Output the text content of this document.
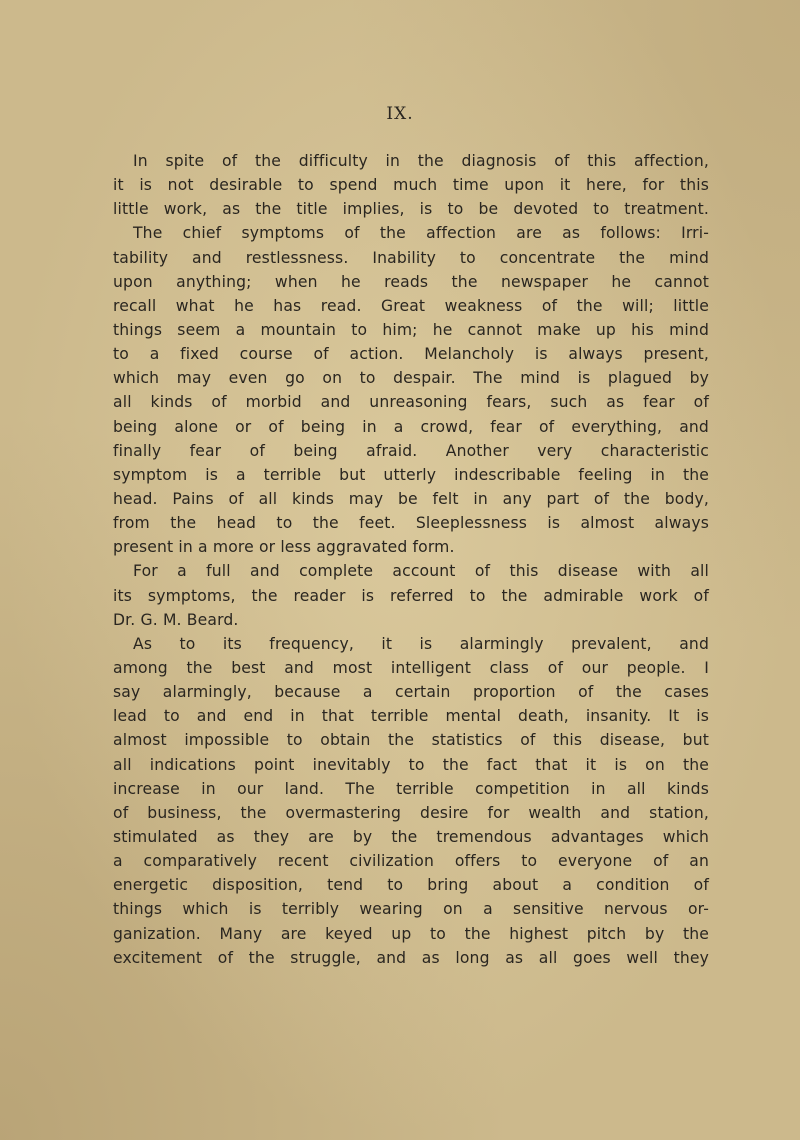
IX.
In spite of the difficulty in the diagnosis of this affection,
it is not desirable to spend much time upon it here, for this
little work, as the title implies, is to be devoted to treatment.
The chief symptoms of the affection are as follows: Irri-
tability and restlessness. Inability to concentrate the mind
upon anything; when he reads the newspaper he cannot
recall what he has read. Great weakness of the will; little
things seem a mountain to him; he cannot make up his mind
to a fixed course of action. Melancholy is always present,
which may even go on to despair. The mind is plagued by
all kinds of morbid and unreasoning fears, such as fear of
being alone or of being in a crowd, fear of everything, and
finally fear of being afraid. Another very characteristic
symptom is a terrible but utterly indescribable feeling in the
head. Pains of all kinds may be felt in any part of the body,
from the head to the feet. Sleeplessness is almost always
present in a more or less aggravated form.
For a full and complete account of this disease with all
its symptoms, the reader is referred to the admirable work of
Dr. G. M. Beard.
As to its frequency, it is alarmingly prevalent, and
among the best and most intelligent class of our people. I
say alarmingly, because a certain proportion of the cases
lead to and end in that terrible mental death, insanity. It is
almost impossible to obtain the statistics of this disease, but
all indications point inevitably to the fact that it is on the
increase in our land. The terrible competition in all kinds
of business, the overmastering desire for wealth and station,
stimulated as they are by the tremendous advantages which
a comparatively recent civilization offers to everyone of an
energetic disposition, tend to bring about a condition of
things which is terribly wearing on a sensitive nervous or-
ganization. Many are keyed up to the highest pitch by the
excitement of the struggle, and as long as all goes well they
